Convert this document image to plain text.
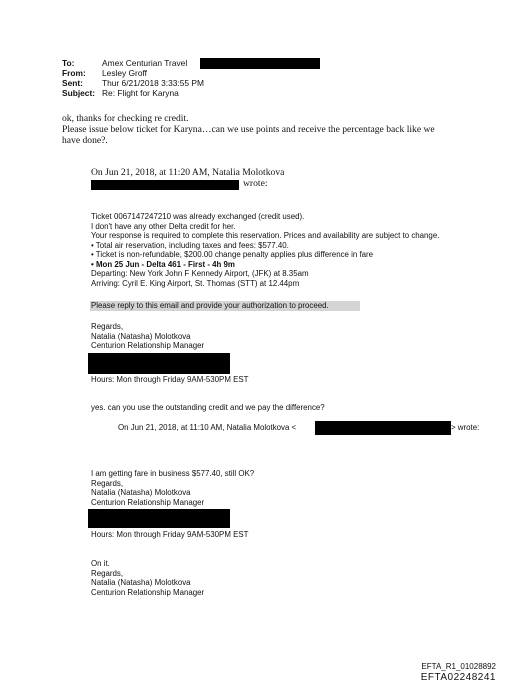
To:	Amex Centurian Travel
From: Lesley Groff
Sent: Thur 6/21/2018 3:33:55 PM
Subject: Re: Flight for Karyna
ok, thanks for checking re credit.
Please issue below ticket for Karyna…can we use points and receive the percentage back like we
have done?.
On Jun 21, 2018, at 11:20 AM, Natalia Molotkova
wrote:
Ticket 0067147247210 was already exchanged (credit used).
I don't have any other Delta credit for her.
Your response is required to complete this reservation. Prices and availability are subject to change.
• Total air reservation, including taxes and fees: $577.40.
• Ticket is non-refundable, $200.00 change penalty applies plus difference in fare
• Mon 25 Jun - Delta 461 - First - 4h 9m
Departing: New York John F Kennedy Airport, (JFK) at 8.35am
Arriving: Cyril E. King Airport, St. Thomas (STT) at 12.44pm
Please reply to this email and provide your authorization to proceed.
Regards,
Natalia (Natasha) Molotkova
Centurion Relationship Manager
Hours: Mon through Friday 9AM-530PM EST
yes. can you use the outstanding credit and we pay the difference?
On Jun 21, 2018, at 11:10 AM, Natalia Molotkova <	> wrote:
I am getting fare in business $577.40, still OK?
Regards,
Natalia (Natasha) Molotkova
Centurion Relationship Manager
Hours: Mon through Friday 9AM-530PM EST
On it.
Regards,
Natalia (Natasha) Molotkova
Centurion Relationship Manager
EFTA_R1_01028892
EFTA02248241
